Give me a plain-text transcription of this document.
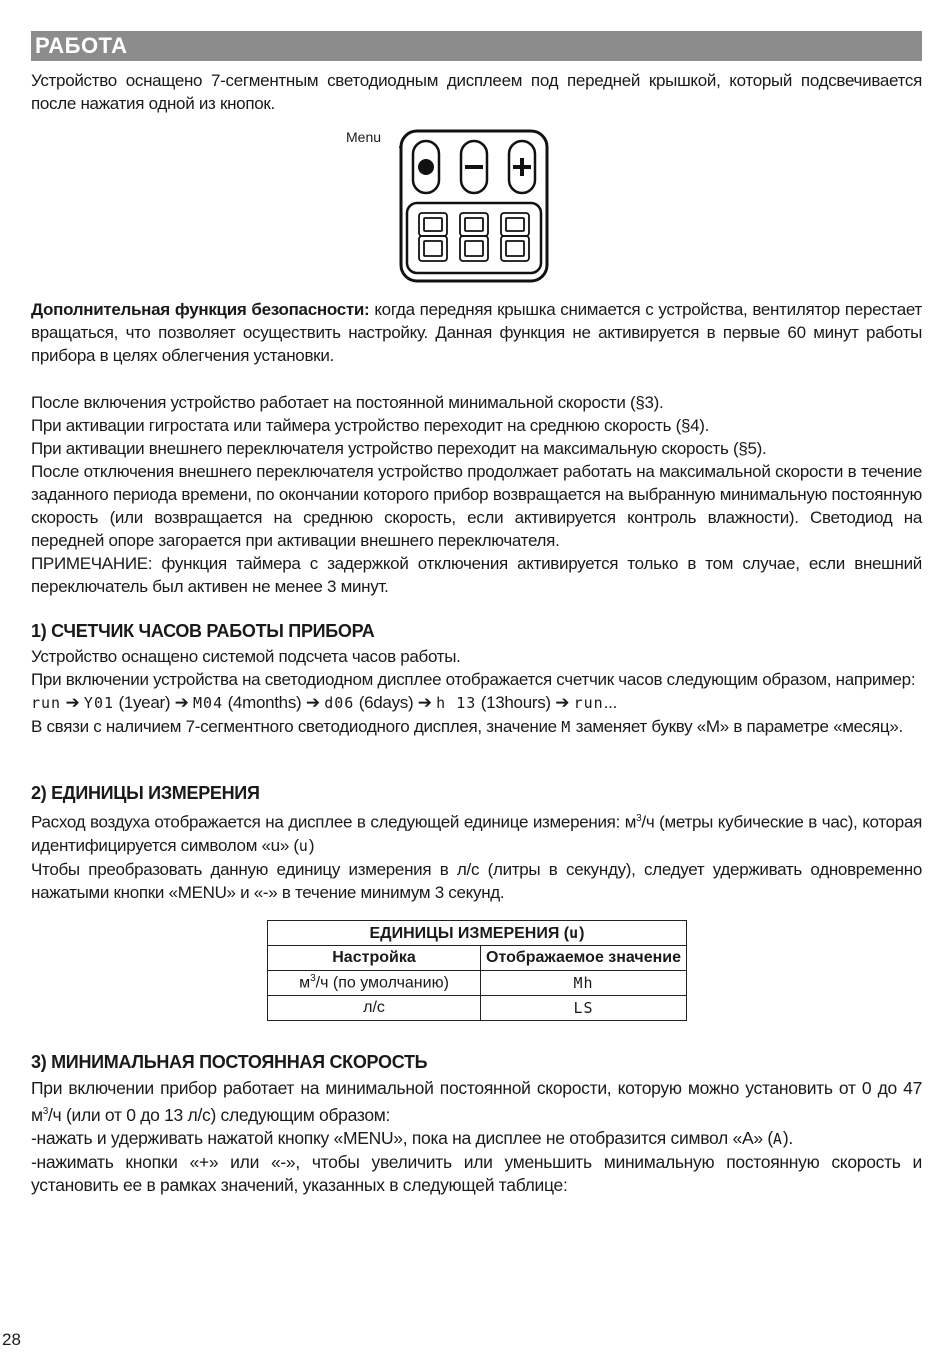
РАБОТА
Устройство оснащено 7-сегментным светодиодным дисплеем под передней крышкой, который подсвечивается после нажатия одной из кнопок.
Menu
Дополнительная функция безопасности: когда передняя крышка снимается с устройства, вентилятор перестает вращаться, что позволяет осуществить настройку. Данная функция не активируется в первые 60 минут работы прибора в целях облегчения установки.

После включения устройство работает на постоянной минимальной скорости (§3).

При активации гигростата или таймера устройство переходит на среднюю скорость (§4).

При активации внешнего переключателя устройство переходит на максимальную скорость (§5).

После отключения внешнего переключателя устройство продолжает работать на максимальной скорости в течение заданного периода времени, по окончании которого прибор возвращается на выбранную минимальную постоянную скорость (или возвращается на среднюю скорость, если активируется контроль влажности). Светодиод на передней опоре загорается при активации внешнего переключателя.

ПРИМЕЧАНИЕ: функция таймера с задержкой отключения активируется только в том случае, если внешний переключатель был активен не менее 3 минут.

1) СЧЕТЧИК ЧАСОВ РАБОТЫ ПРИБОРА

Устройство оснащено системой подсчета часов работы.

При включении устройства на светодиодном дисплее отображается счетчик часов следующим образом, например:

run ➔ Y01 (1year) ➔ M04 (4months) ➔ d06 (6days) ➔ h 13 (13hours) ➔ run...

В связи с наличием 7-сегментного светодиодного дисплея, значение M заменяет букву «М» в параметре «месяц».

2) ЕДИНИЦЫ ИЗМЕРЕНИЯ

Расход воздуха отображается на дисплее в следующей единице измерения: $м^3/ч$ (метры кубические в час), которая идентифицируется символом «u» (u)

Чтобы преобразовать данную единицу измерения в л/с (литры в секунду), следует удерживать одновременно нажатыми кнопки «MENU» и «-» в течение минимум 3 секунд.

ЕДИНИЦЫ ИЗМЕРЕНИЯ (u)	
Настройка	Отображаемое значение
$м^3/ч$ (по умолчанию)	Mh
л/с	LS
3) МИНИМАЛЬНАЯ ПОСТОЯННАЯ СКОРОСТЬ

При включении прибор работает на минимальной постоянной скорости, которую можно установить от 0 до 47 $м^3/ч$ (или от 0 до 13 л/с) следующим образом:

-нажать и удерживать нажатой кнопку «MENU», пока на дисплее не отобразится символ «A» (A).

-нажимать кнопки «+» или «-», чтобы увеличить или уменьшить минимальную постоянную скорость и установить ее в рамках значений, указанных в следующей таблице:

28
